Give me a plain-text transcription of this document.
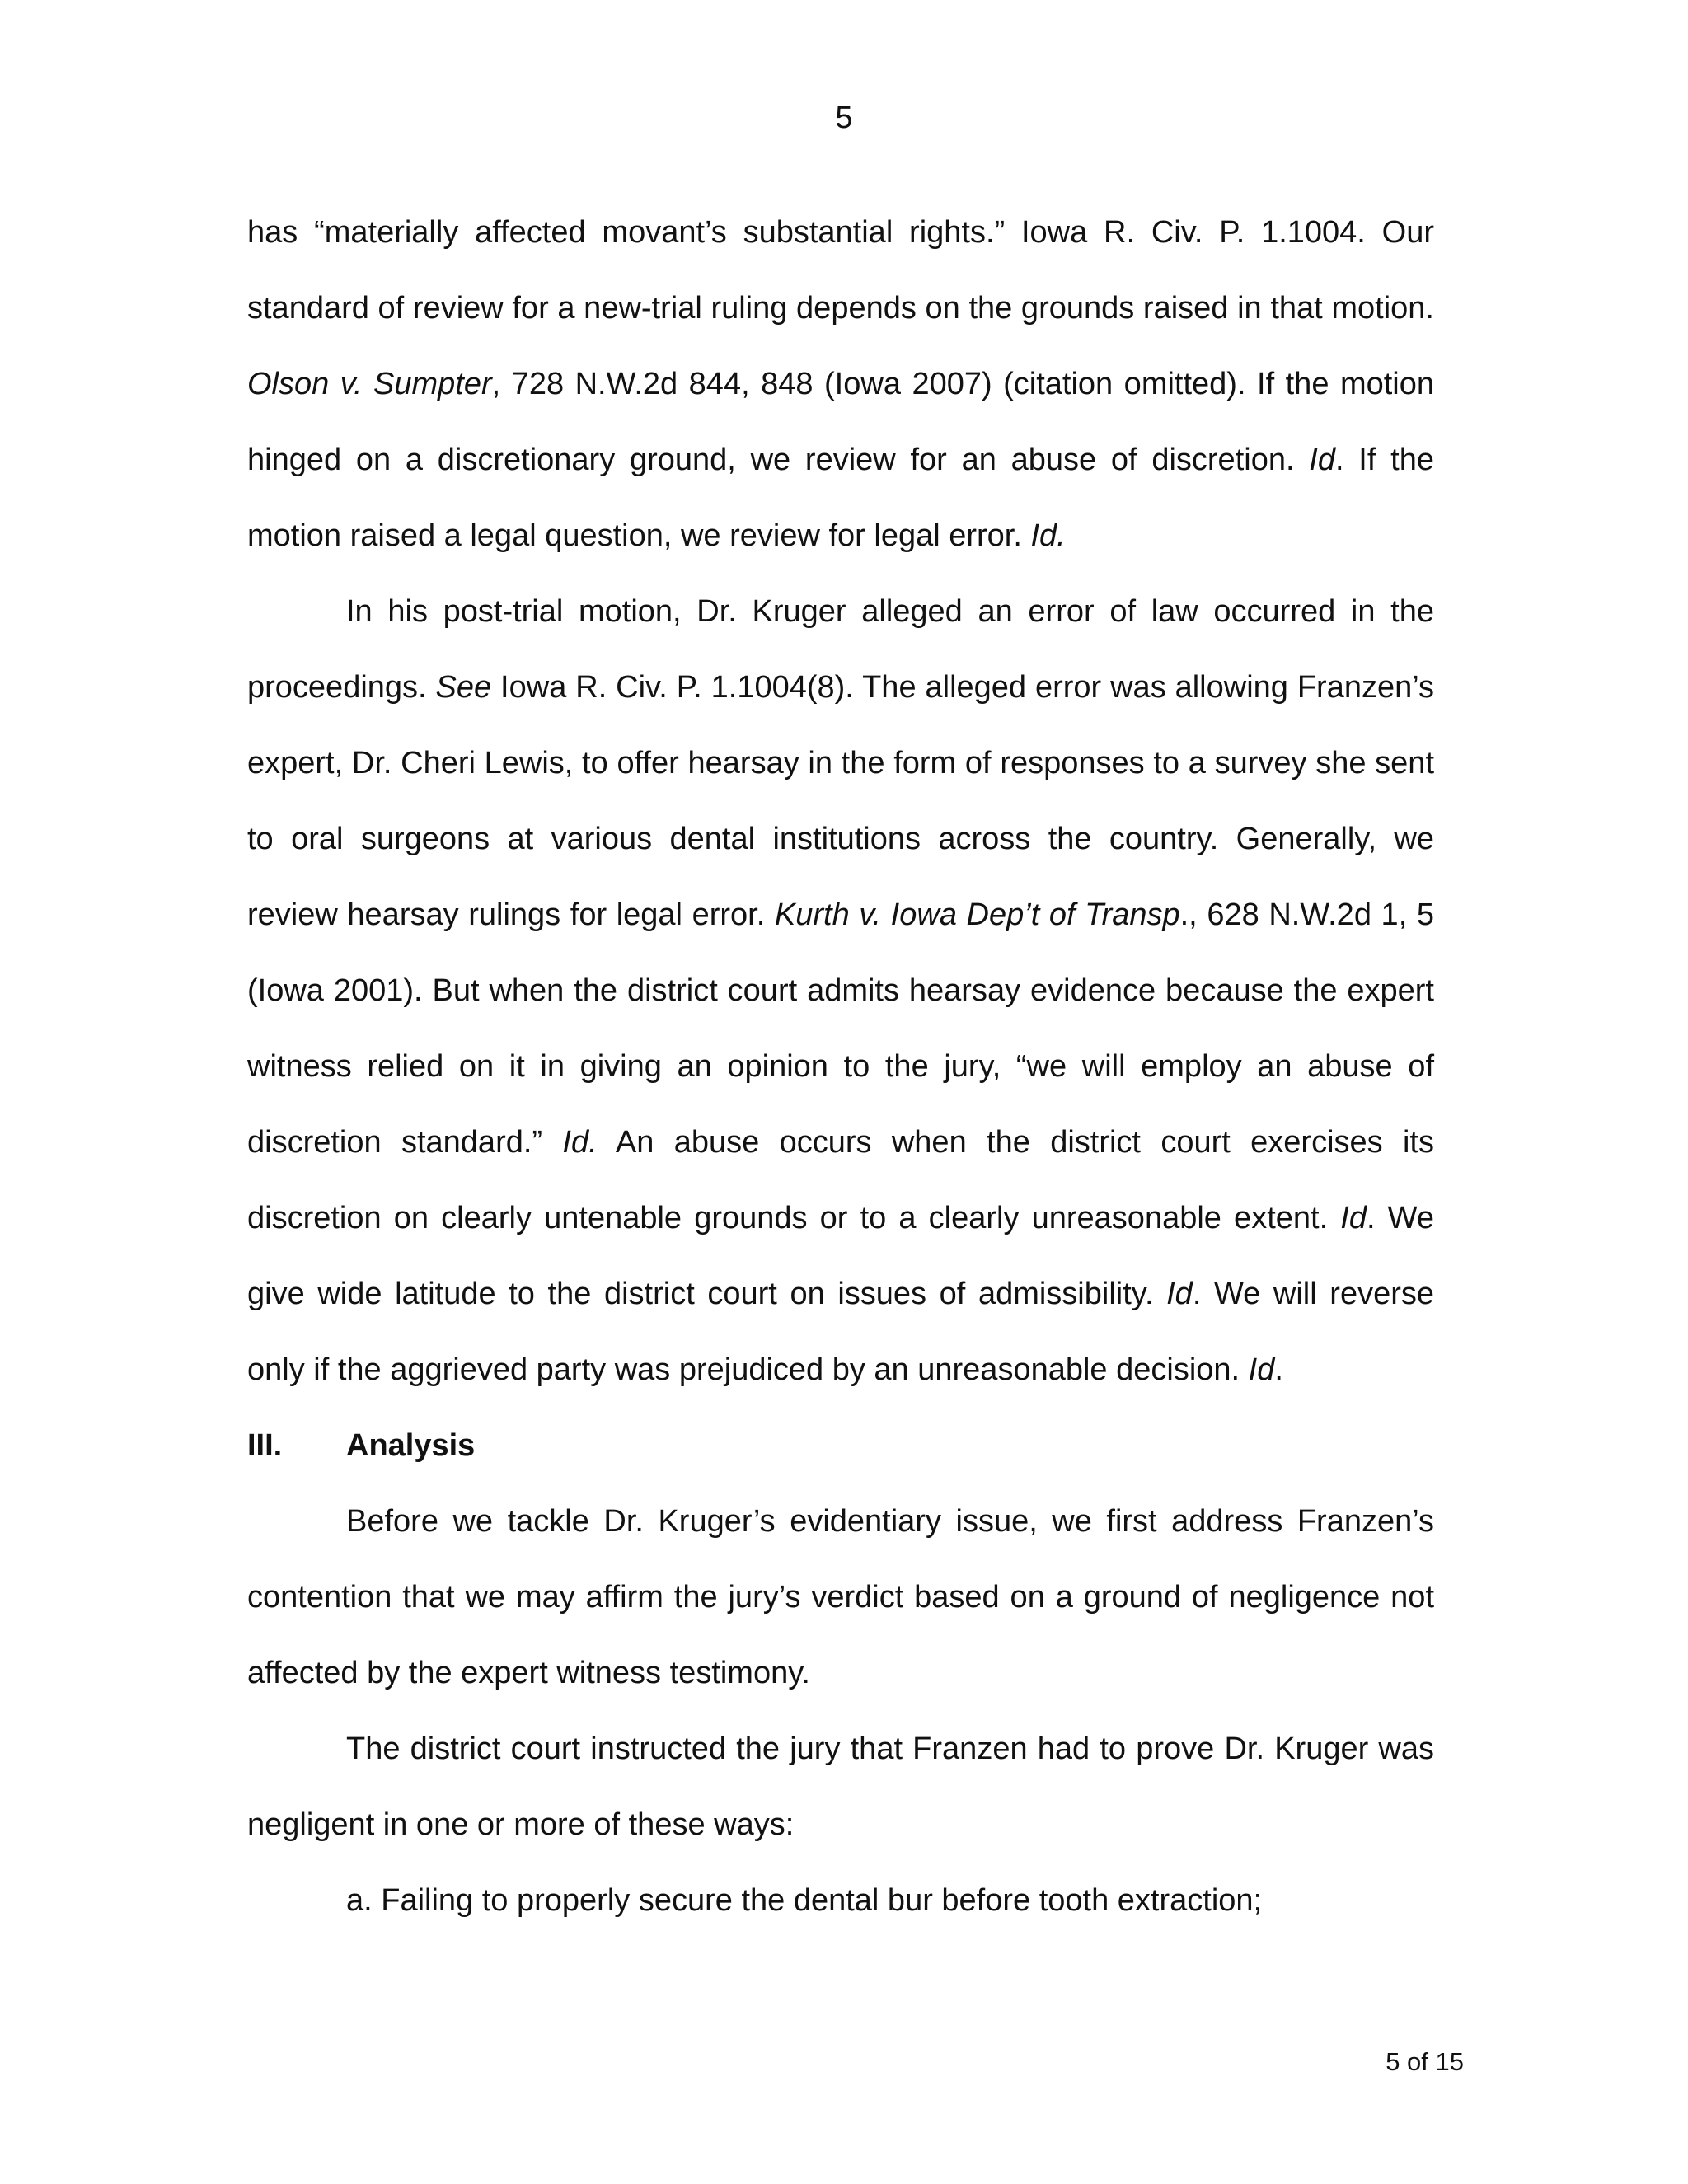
5

has “materially affected movant’s substantial rights.” Iowa R. Civ. P. 1.1004. Our standard of review for a new-trial ruling depends on the grounds raised in that motion. Olson v. Sumpter, 728 N.W.2d 844, 848 (Iowa 2007) (citation omitted). If the motion hinged on a discretionary ground, we review for an abuse of discretion. Id. If the motion raised a legal question, we review for legal error. Id.

In his post-trial motion, Dr. Kruger alleged an error of law occurred in the proceedings. See Iowa R. Civ. P. 1.1004(8). The alleged error was allowing Franzen’s expert, Dr. Cheri Lewis, to offer hearsay in the form of responses to a survey she sent to oral surgeons at various dental institutions across the country. Generally, we review hearsay rulings for legal error. Kurth v. Iowa Dep’t of Transp., 628 N.W.2d 1, 5 (Iowa 2001). But when the district court admits hearsay evidence because the expert witness relied on it in giving an opinion to the jury, “we will employ an abuse of discretion standard.” Id. An abuse occurs when the district court exercises its discretion on clearly untenable grounds or to a clearly unreasonable extent. Id. We give wide latitude to the district court on issues of admissibility. Id. We will reverse only if the aggrieved party was prejudiced by an unreasonable decision. Id.

III.	Analysis

Before we tackle Dr. Kruger’s evidentiary issue, we first address Franzen’s contention that we may affirm the jury’s verdict based on a ground of negligence not affected by the expert witness testimony.

The district court instructed the jury that Franzen had to prove Dr. Kruger was negligent in one or more of these ways:

a. Failing to properly secure the dental bur before tooth extraction;

5 of 15
